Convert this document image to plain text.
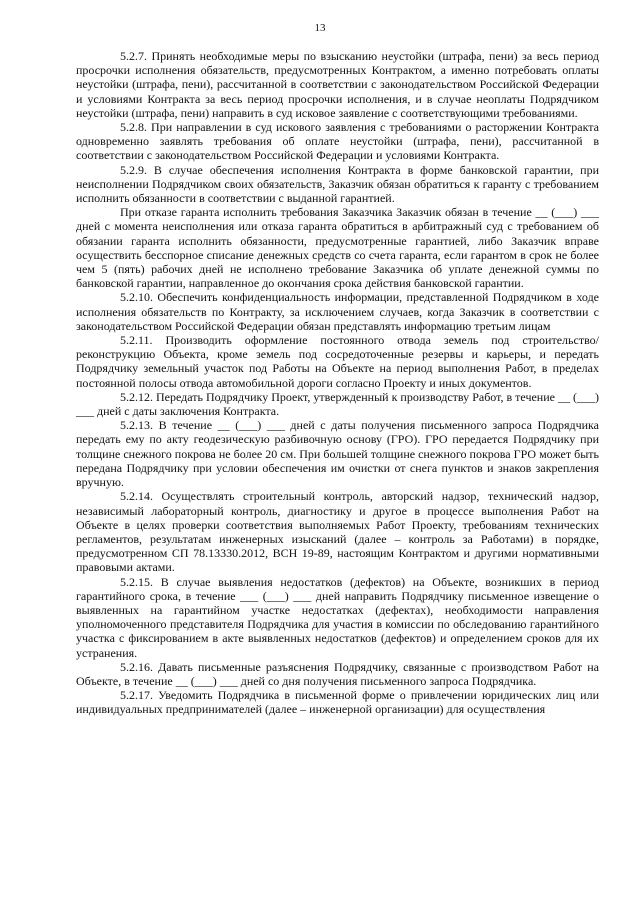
13

5.2.7. Принять необходимые меры по взысканию неустойки (штрафа, пени) за весь период просрочки исполнения обязательств, предусмотренных Контрактом, а именно потребовать оплаты неустойки (штрафа, пени), рассчитанной в соответствии с законодательством Российской Федерации и условиями Контракта за весь период просрочки исполнения, и в случае неоплаты Подрядчиком неустойки (штрафа, пени) направить в суд исковое заявление с соответствующими требованиями.

5.2.8. При направлении в суд искового заявления с требованиями о расторжении Контракта одновременно заявлять требования об оплате неустойки (штрафа, пени), рассчитанной в соответствии с законодательством Российской Федерации и условиями Контракта.

5.2.9. В случае обеспечения исполнения Контракта в форме банковской гарантии, при неисполнении Подрядчиком своих обязательств, Заказчик обязан обратиться к гаранту с требованием исполнить обязанности в соответствии с выданной гарантией.

При отказе гаранта исполнить требования Заказчика Заказчик обязан в течение __ (___) ___ дней с момента неисполнения или отказа гаранта обратиться в арбитражный суд с требованием об обязании гаранта исполнить обязанности, предусмотренные гарантией, либо Заказчик вправе осуществить бесспорное списание денежных средств со счета гаранта, если гарантом в срок не более чем 5 (пять) рабочих дней не исполнено требование Заказчика об уплате денежной суммы по банковской гарантии, направленное до окончания срока действия банковской гарантии.

5.2.10. Обеспечить конфиденциальность информации, представленной Подрядчиком в ходе исполнения обязательств по Контракту, за исключением случаев, когда Заказчик в соответствии с законодательством Российской Федерации обязан представлять информацию третьим лицам

5.2.11. Производить оформление постоянного отвода земель под строительство/реконструкцию Объекта, кроме земель под сосредоточенные резервы и карьеры, и передать Подрядчику земельный участок под Работы на Объекте на период выполнения Работ, в пределах постоянной полосы отвода автомобильной дороги согласно Проекту и иных документов.

5.2.12. Передать Подрядчику Проект, утвержденный к производству Работ, в течение __ (___) ___ дней с даты заключения Контракта.

5.2.13. В течение __ (___) ___ дней с даты получения письменного запроса Подрядчика передать ему по акту геодезическую разбивочную основу (ГРО). ГРО передается Подрядчику при толщине снежного покрова не более 20 см. При большей толщине снежного покрова ГРО может быть передана Подрядчику при условии обеспечения им очистки от снега пунктов и знаков закрепления вручную.

5.2.14. Осуществлять строительный контроль, авторский надзор, технический надзор, независимый лабораторный контроль, диагностику и другое в процессе выполнения Работ на Объекте в целях проверки соответствия выполняемых Работ Проекту, требованиям технических регламентов, результатам инженерных изысканий (далее – контроль за Работами) в порядке, предусмотренном СП 78.13330.2012, ВСН 19-89, настоящим Контрактом и другими нормативными правовыми актами.

5.2.15. В случае выявления недостатков (дефектов) на Объекте, возникших в период гарантийного срока, в течение ___ (___) ___ дней направить Подрядчику письменное извещение о выявленных на гарантийном участке недостатках (дефектах), необходимости направления уполномоченного представителя Подрядчика для участия в комиссии по обследованию гарантийного участка с фиксированием в акте выявленных недостатков (дефектов) и определением сроков для их устранения.

5.2.16. Давать письменные разъяснения Подрядчику, связанные с производством Работ на Объекте, в течение __ (___) ___ дней со дня получения письменного запроса Подрядчика.

5.2.17. Уведомить Подрядчика в письменной форме о привлечении юридических лиц или индивидуальных предпринимателей (далее – инженерной организации) для осуществления
